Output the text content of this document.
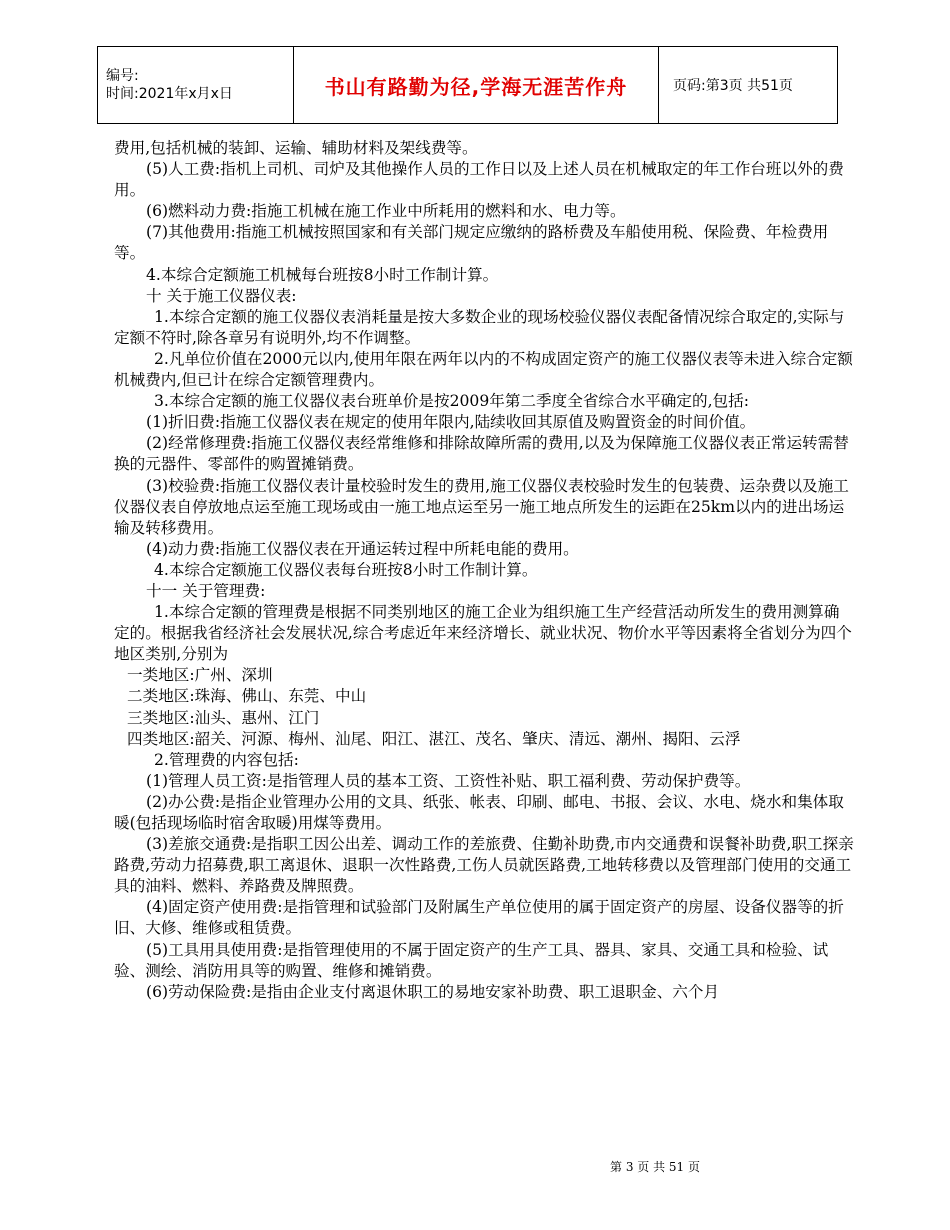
编号:
时间:2021年x月x日	书山有路勤为径,学海无涯苦作舟	页码:第3页 共51页

费用,包括机械的装卸、运输、辅助材料及架线费等。

(5)人工费:指机上司机、司炉及其他操作人员的工作日以及上述人员在机械取定的年工作台班以外的费用。

(6)燃料动力费:指施工机械在施工作业中所耗用的燃料和水、电力等。

(7)其他费用:指施工机械按照国家和有关部门规定应缴纳的路桥费及车船使用税、保险费、年检费用等。

4.本综合定额施工机械每台班按8小时工作制计算。

十 关于施工仪器仪表:

1.本综合定额的施工仪器仪表消耗量是按大多数企业的现场校验仪器仪表配备情况综合取定的,实际与定额不符时,除各章另有说明外,均不作调整。

2.凡单位价值在2000元以内,使用年限在两年以内的不构成固定资产的施工仪器仪表等未进入综合定额机械费内,但已计在综合定额管理费内。

3.本综合定额的施工仪器仪表台班单价是按2009年第二季度全省综合水平确定的,包括:

(1)折旧费:指施工仪器仪表在规定的使用年限内,陆续收回其原值及购置资金的时间价值。

(2)经常修理费:指施工仪器仪表经常维修和排除故障所需的费用,以及为保障施工仪器仪表正常运转需替换的元器件、零部件的购置摊销费。

(3)校验费:指施工仪器仪表计量校验时发生的费用,施工仪器仪表校验时发生的包装费、运杂费以及施工仪器仪表自停放地点运至施工现场或由一施工地点运至另一施工地点所发生的运距在25km以内的进出场运输及转移费用。

(4)动力费:指施工仪器仪表在开通运转过程中所耗电能的费用。

4.本综合定额施工仪器仪表每台班按8小时工作制计算。

十一 关于管理费:

1.本综合定额的管理费是根据不同类别地区的施工企业为组织施工生产经营活动所发生的费用测算确定的。根据我省经济社会发展状况,综合考虑近年来经济增长、就业状况、物价水平等因素将全省划分为四个地区类别,分别为

一类地区:广州、深圳

二类地区:珠海、佛山、东莞、中山

三类地区:汕头、惠州、江门

四类地区:韶关、河源、梅州、汕尾、阳江、湛江、茂名、肇庆、清远、潮州、揭阳、云浮

2.管理费的内容包括:

(1)管理人员工资:是指管理人员的基本工资、工资性补贴、职工福利费、劳动保护费等。

(2)办公费:是指企业管理办公用的文具、纸张、帐表、印刷、邮电、书报、会议、水电、烧水和集体取暖(包括现场临时宿舍取暖)用煤等费用。

(3)差旅交通费:是指职工因公出差、调动工作的差旅费、住勤补助费,市内交通费和误餐补助费,职工探亲路费,劳动力招募费,职工离退休、退职一次性路费,工伤人员就医路费,工地转移费以及管理部门使用的交通工具的油料、燃料、养路费及牌照费。

(4)固定资产使用费:是指管理和试验部门及附属生产单位使用的属于固定资产的房屋、设备仪器等的折旧、大修、维修或租赁费。

(5)工具用具使用费:是指管理使用的不属于固定资产的生产工具、器具、家具、交通工具和检验、试验、测绘、消防用具等的购置、维修和摊销费。

(6)劳动保险费:是指由企业支付离退休职工的易地安家补助费、职工退职金、六个月

第 3 页 共 51 页
